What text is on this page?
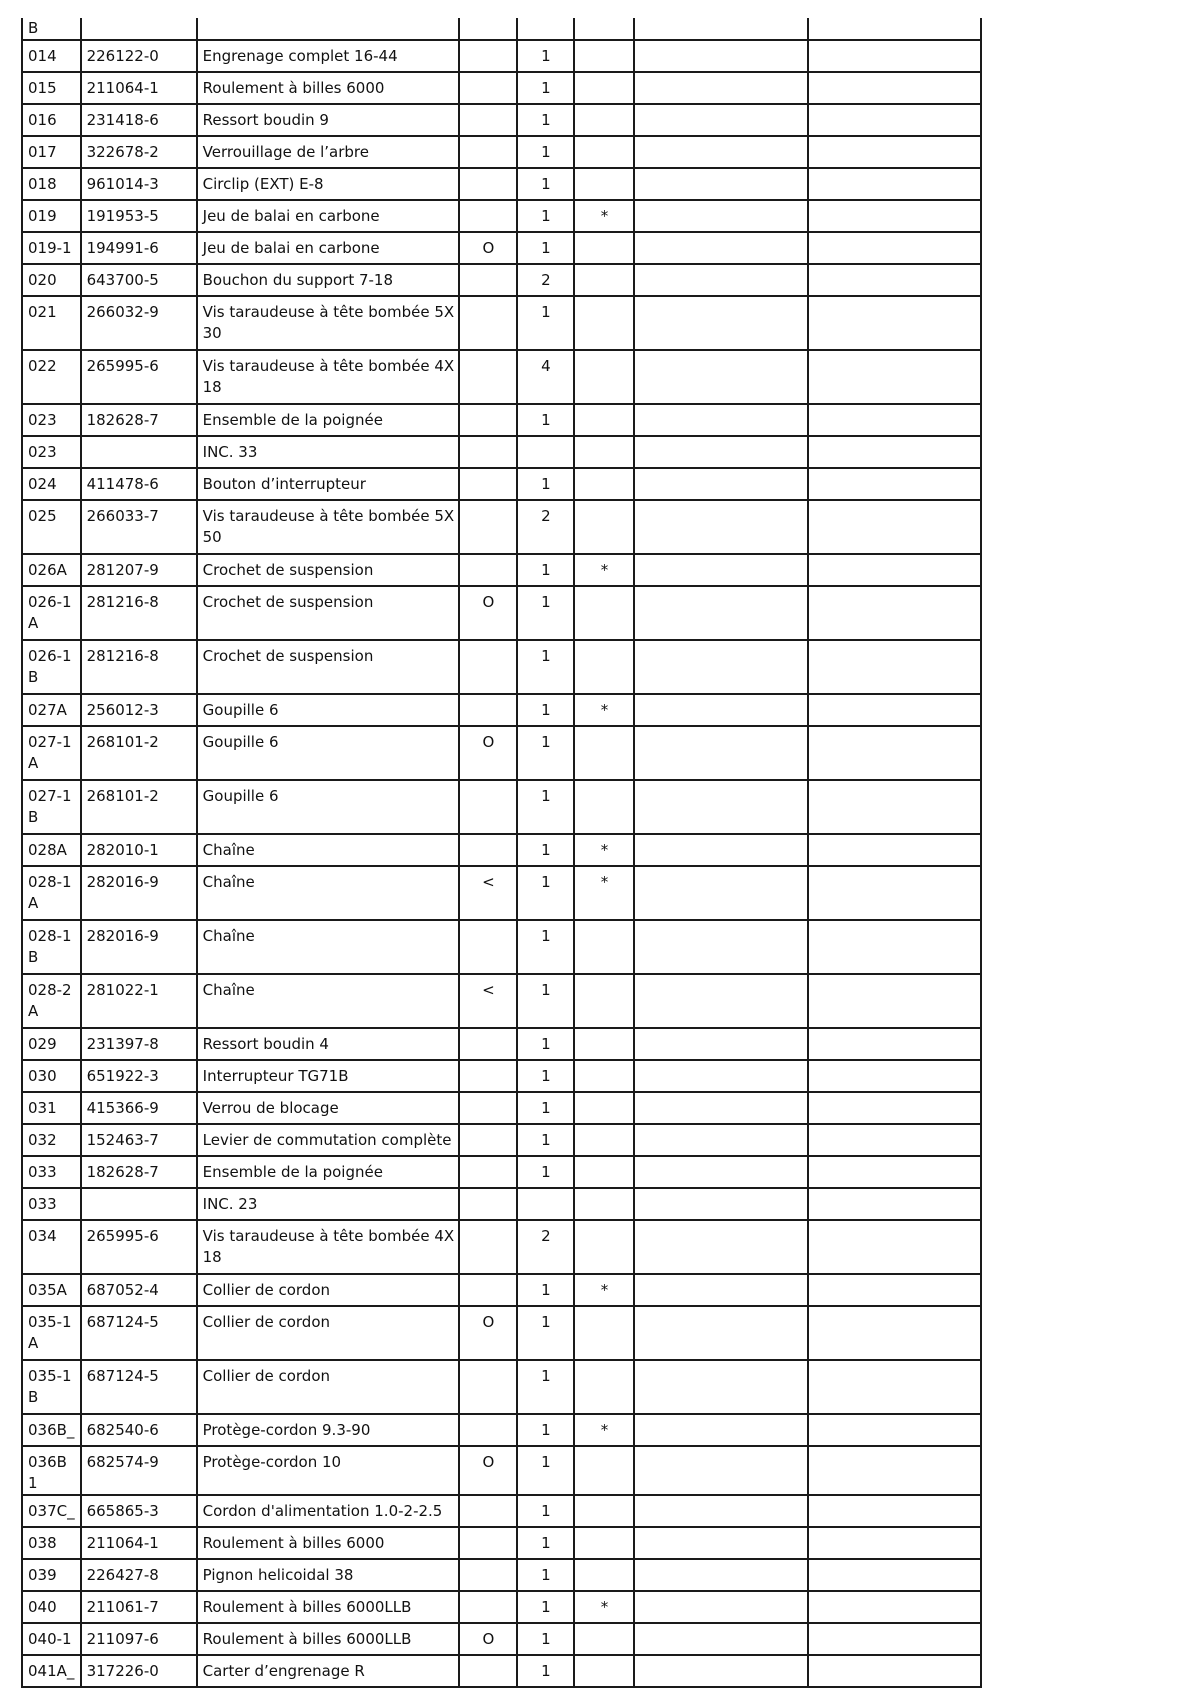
B							
014	226122-0	Engrenage complet 16-44		1			
015	211064-1	Roulement à billes 6000		1			
016	231418-6	Ressort boudin 9		1			
017	322678-2	Verrouillage de l’arbre		1			
018	961014-3	Circlip (EXT) E-8		1			
019	191953-5	Jeu de balai en carbone		1	*		
019-1	194991-6	Jeu de balai en carbone	O	1			
020	643700-5	Bouchon du support 7-18		2			
021	266032-9	Vis taraudeuse à tête bombée 5X 30		1			
022	265995-6	Vis taraudeuse à tête bombée 4X 18		4			
023	182628-7	Ensemble de la poignée		1			
023		INC. 33					
024	411478-6	Bouton d’interrupteur		1			
025	266033-7	Vis taraudeuse à tête bombée 5X 50		2			
026A	281207-9	Crochet de suspension		1	*		
026-1 A	281216-8	Crochet de suspension	O	1			
026-1 B	281216-8	Crochet de suspension		1			
027A	256012-3	Goupille 6		1	*		
027-1 A	268101-2	Goupille 6	O	1			
027-1 B	268101-2	Goupille 6		1			
028A	282010-1	Chaîne		1	*		
028-1 A	282016-9	Chaîne	<	1	*		
028-1 B	282016-9	Chaîne		1			
028-2 A	281022-1	Chaîne	<	1			
029	231397-8	Ressort boudin 4		1			
030	651922-3	Interrupteur TG71B		1			
031	415366-9	Verrou de blocage		1			
032	152463-7	Levier de commutation complète		1			
033	182628-7	Ensemble de la poignée		1			
033		INC. 23					
034	265995-6	Vis taraudeuse à tête bombée 4X 18		2			
035A	687052-4	Collier de cordon		1	*		
035-1 A	687124-5	Collier de cordon	O	1			
035-1 B	687124-5	Collier de cordon		1			
036B_	682540-6	Protège-cordon 9.3-90		1	*		
036B1	682574-9	Protège-cordon 10	O	1			
037C_	665865-3	Cordon d'alimentation 1.0-2-2.5		1			
038	211064-1	Roulement à billes 6000		1			
039	226427-8	Pignon helicoidal 38		1			
040	211061-7	Roulement à billes 6000LLB		1	*		
040-1	211097-6	Roulement à billes 6000LLB	O	1			
041A_	317226-0	Carter d’engrenage R		1			
